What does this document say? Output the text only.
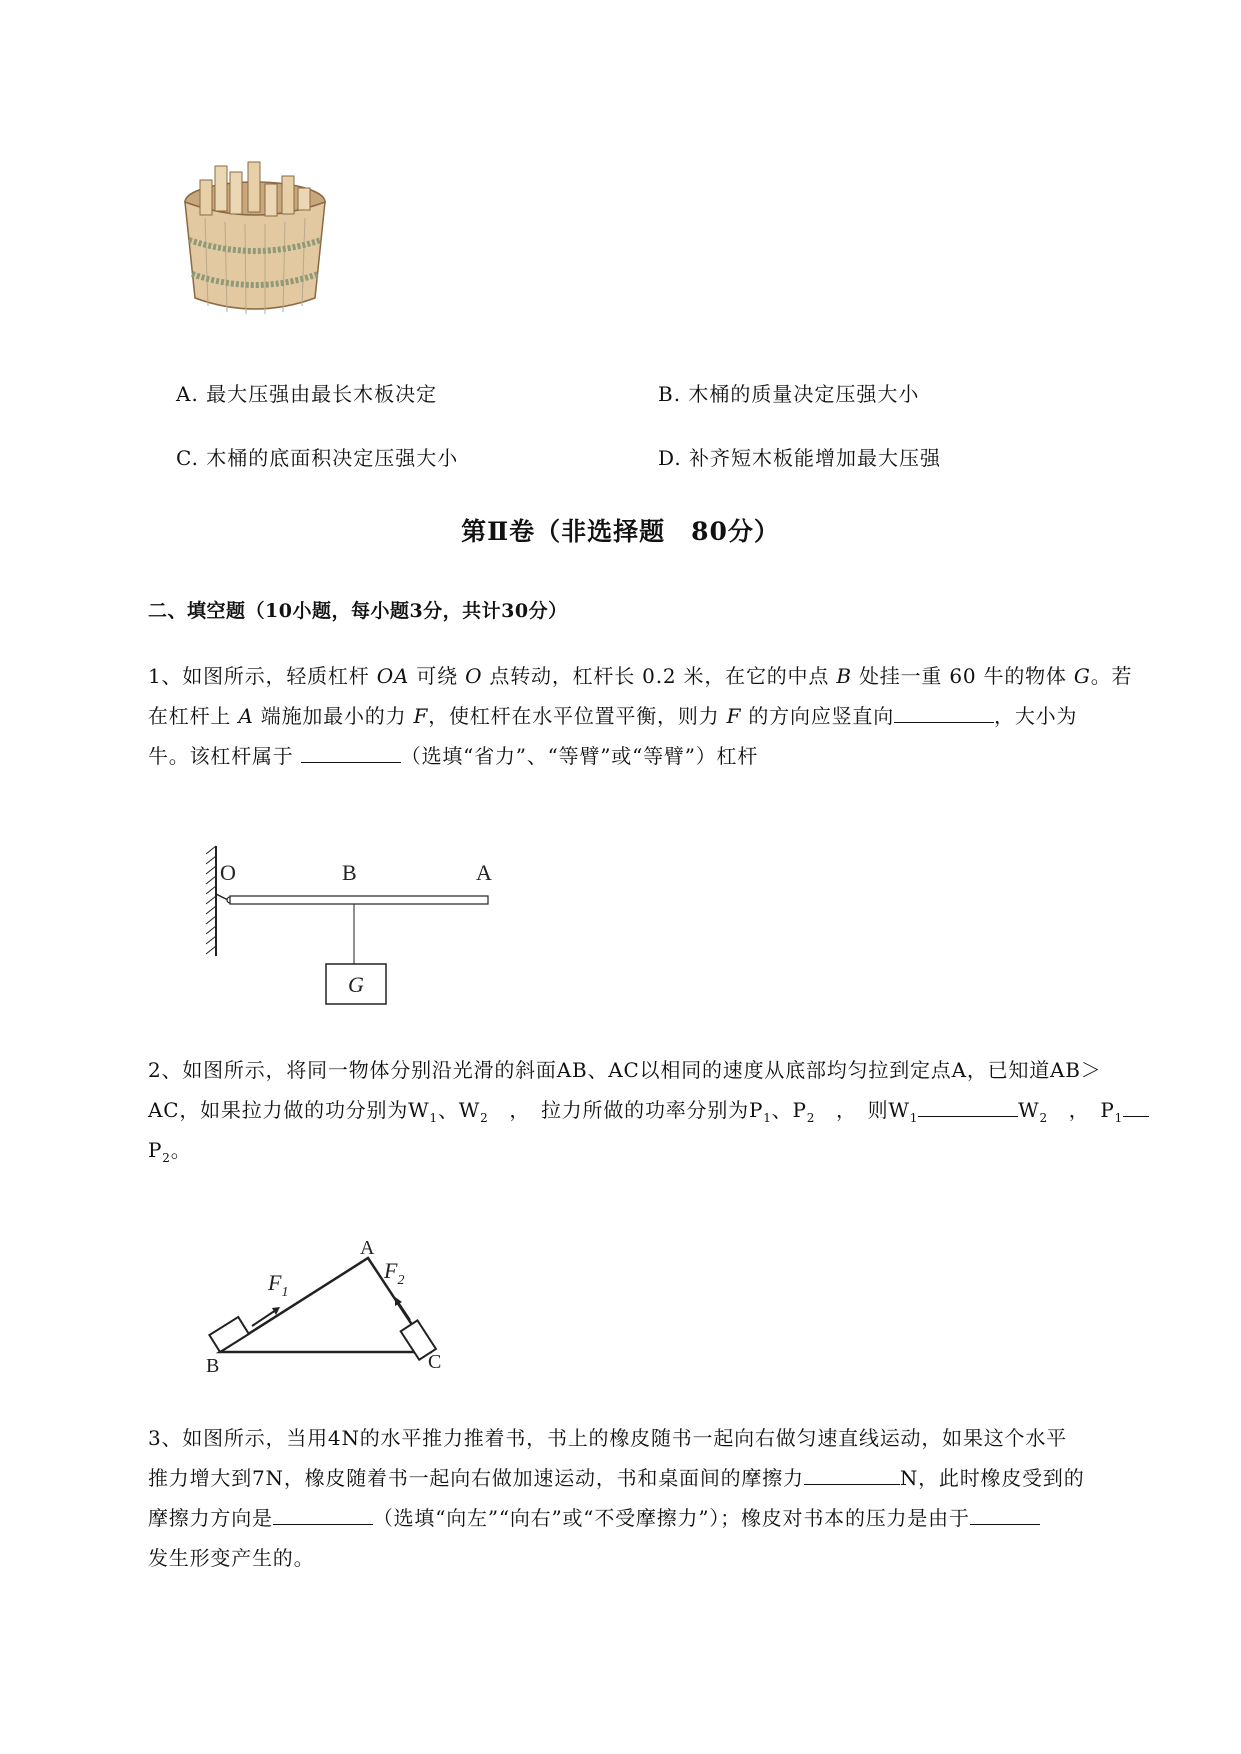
A. 最大压强由最长木板决定	B. 木桶的质量决定压强大小
C. 木桶的底面积决定压强大小	D. 补齐短木板能增加最大压强
第Ⅱ卷（非选择题　80分）
二、填空题（10小题，每小题3分，共计30分）
1、如图所示，轻质杠杆 OA 可绕 O 点转动，杠杆长 0.2 米，在它的中点 B 处挂一重 60 牛的物体 G。若
在杠杆上 A 端施加最小的力 F，使杠杆在水平位置平衡，则力 F 的方向应竖直向	，大小为
牛。该杠杆属于	（选填“省力”、“等臂”或“等臂”）杠杆
G
O	B	A
2、如图所示，将同一物体分别沿光滑的斜面AB、AC以相同的速度从底部均匀拉到定点A，已知道AB＞
AC，如果拉力做的功分别为$W_1$、$W_2$　，　拉力所做的功率分别为$P_1$、$P_2$　，　则$W_1$	$W_2$　，　$P_1$
$P_2$。
A
B	C
$F_1$
$F_2$
3、如图所示，当用4N的水平推力推着书，书上的橡皮随书一起向右做匀速直线运动，如果这个水平
推力增大到7N，橡皮随着书一起向右做加速运动，书和桌面间的摩擦力	N，此时橡皮受到的
摩擦力方向是	（选填“向左”“向右”或“不受摩擦力”）；橡皮对书本的压力是由于
发生形变产生的。
